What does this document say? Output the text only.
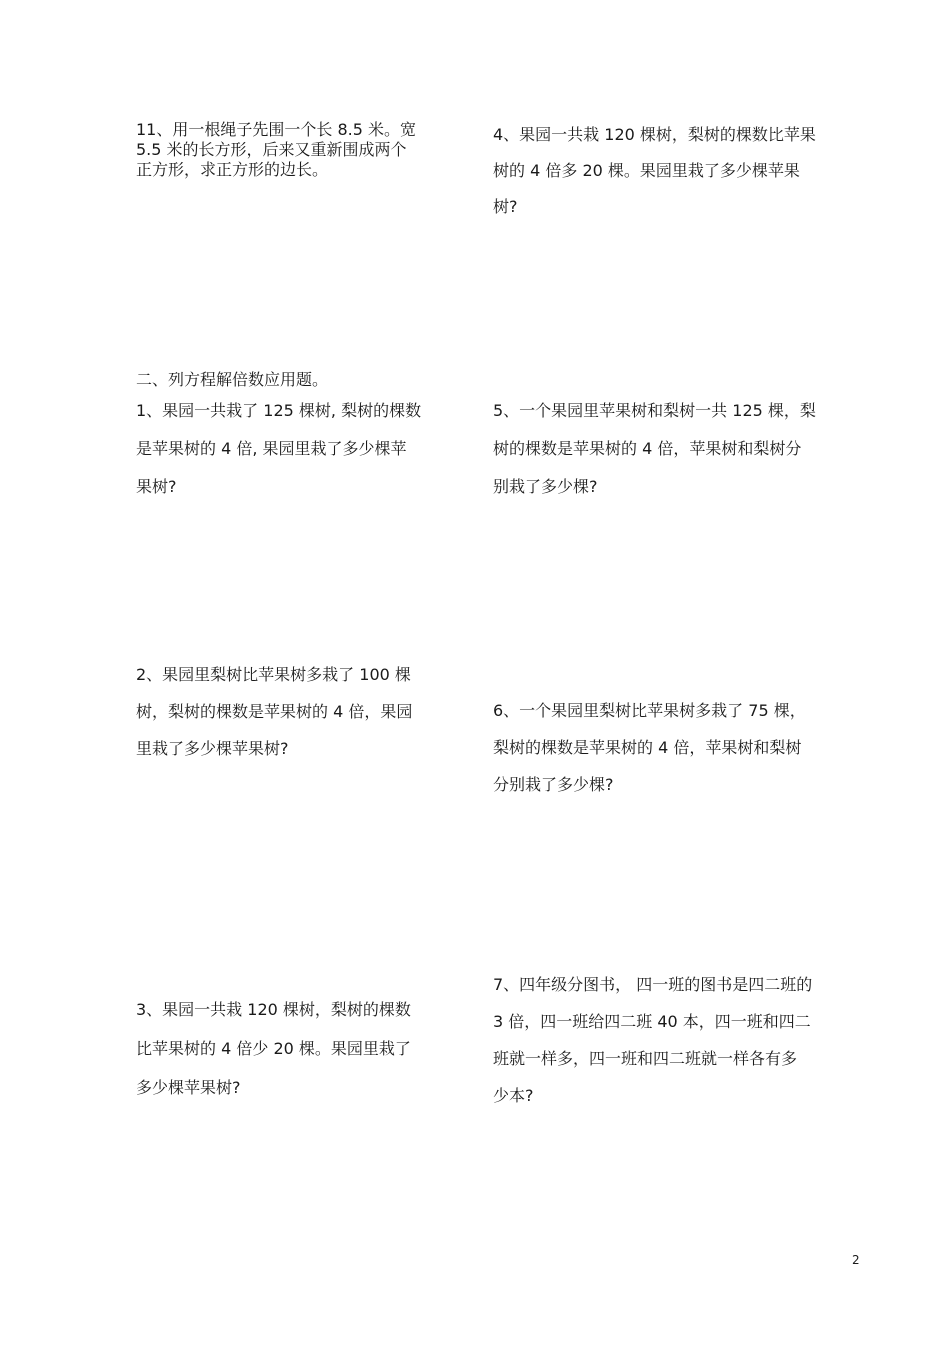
11、用一根绳子先围一个长 8.5 米。宽
5.5 米的长方形，后来又重新围成两个
正方形，求正方形的边长。
4、果园一共栽 120 棵树，梨树的棵数比苹果
树的 4 倍多 20 棵。果园里栽了多少棵苹果
树?
二、列方程解倍数应用题。
1、果园一共栽了 125 棵树, 梨树的棵数
是苹果树的 4 倍, 果园里栽了多少棵苹
果树?
5、一个果园里苹果树和梨树一共 125 棵，梨
树的棵数是苹果树的 4 倍，苹果树和梨树分
别栽了多少棵?
2、果园里梨树比苹果树多栽了 100 棵
树，梨树的棵数是苹果树的 4 倍，果园
里栽了多少棵苹果树?
6、一个果园里梨树比苹果树多栽了 75 棵，
梨树的棵数是苹果树的 4 倍，苹果树和梨树
分别栽了多少棵?
3、果园一共栽 120 棵树，梨树的棵数
比苹果树的 4 倍少 20 棵。果园里栽了
多少棵苹果树?
7、四年级分图书， 四一班的图书是四二班的
3 倍，四一班给四二班 40 本，四一班和四二
班就一样多，四一班和四二班就一样各有多
少本?
2
